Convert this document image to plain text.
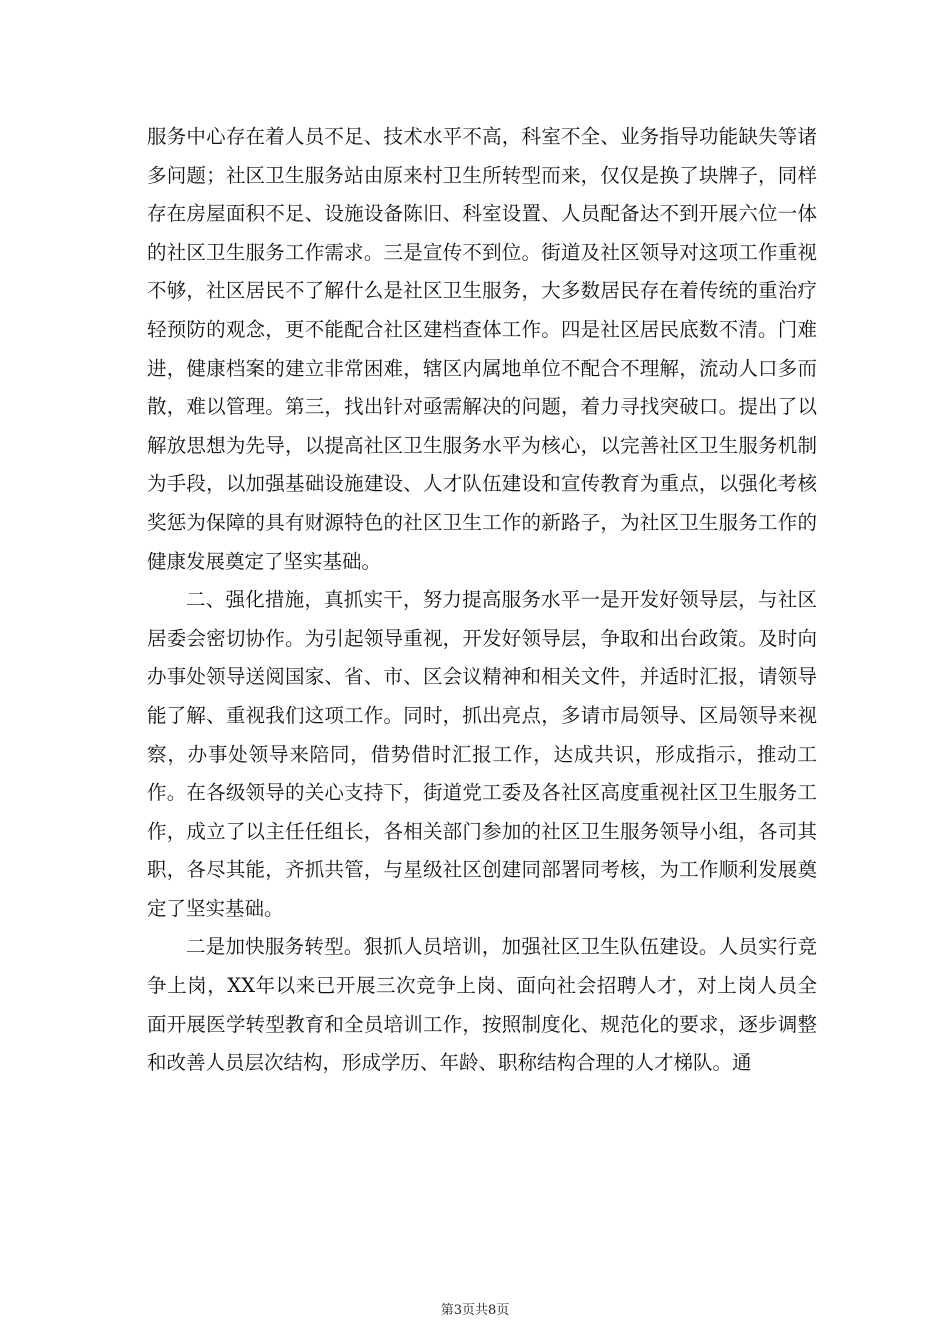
服务中心存在着人员不足、技术水平不高，科室不全、业务指导功能缺失等诸多问题；社区卫生服务站由原来村卫生所转型而来，仅仅是换了块牌子，同样存在房屋面积不足、设施设备陈旧、科室设置、人员配备达不到开展六位一体的社区卫生服务工作需求。三是宣传不到位。街道及社区领导对这项工作重视不够，社区居民不了解什么是社区卫生服务，大多数居民存在着传统的重治疗轻预防的观念，更不能配合社区建档查体工作。四是社区居民底数不清。门难进，健康档案的建立非常困难，辖区内属地单位不配合不理解，流动人口多而散，难以管理。第三，找出针对亟需解决的问题，着力寻找突破口。提出了以解放思想为先导，以提高社区卫生服务水平为核心，以完善社区卫生服务机制为手段，以加强基础设施建设、人才队伍建设和宣传教育为重点，以强化考核奖惩为保障的具有财源特色的社区卫生工作的新路子，为社区卫生服务工作的健康发展奠定了坚实基础。

二、强化措施，真抓实干，努力提高服务水平一是开发好领导层，与社区居委会密切协作。为引起领导重视，开发好领导层，争取和出台政策。及时向办事处领导送阅国家、省、市、区会议精神和相关文件，并适时汇报，请领导能了解、重视我们这项工作。同时，抓出亮点，多请市局领导、区局领导来视察，办事处领导来陪同，借势借时汇报工作，达成共识，形成指示，推动工作。在各级领导的关心支持下，街道党工委及各社区高度重视社区卫生服务工作，成立了以主任任组长，各相关部门参加的社区卫生服务领导小组，各司其职，各尽其能，齐抓共管，与星级社区创建同部署同考核，为工作顺利发展奠定了坚实基础。

二是加快服务转型。狠抓人员培训，加强社区卫生队伍建设。人员实行竞争上岗，XX年以来已开展三次竞争上岗、面向社会招聘人才，对上岗人员全面开展医学转型教育和全员培训工作，按照制度化、规范化的要求，逐步调整和改善人员层次结构，形成学历、年龄、职称结构合理的人才梯队。通

第3页共8页
